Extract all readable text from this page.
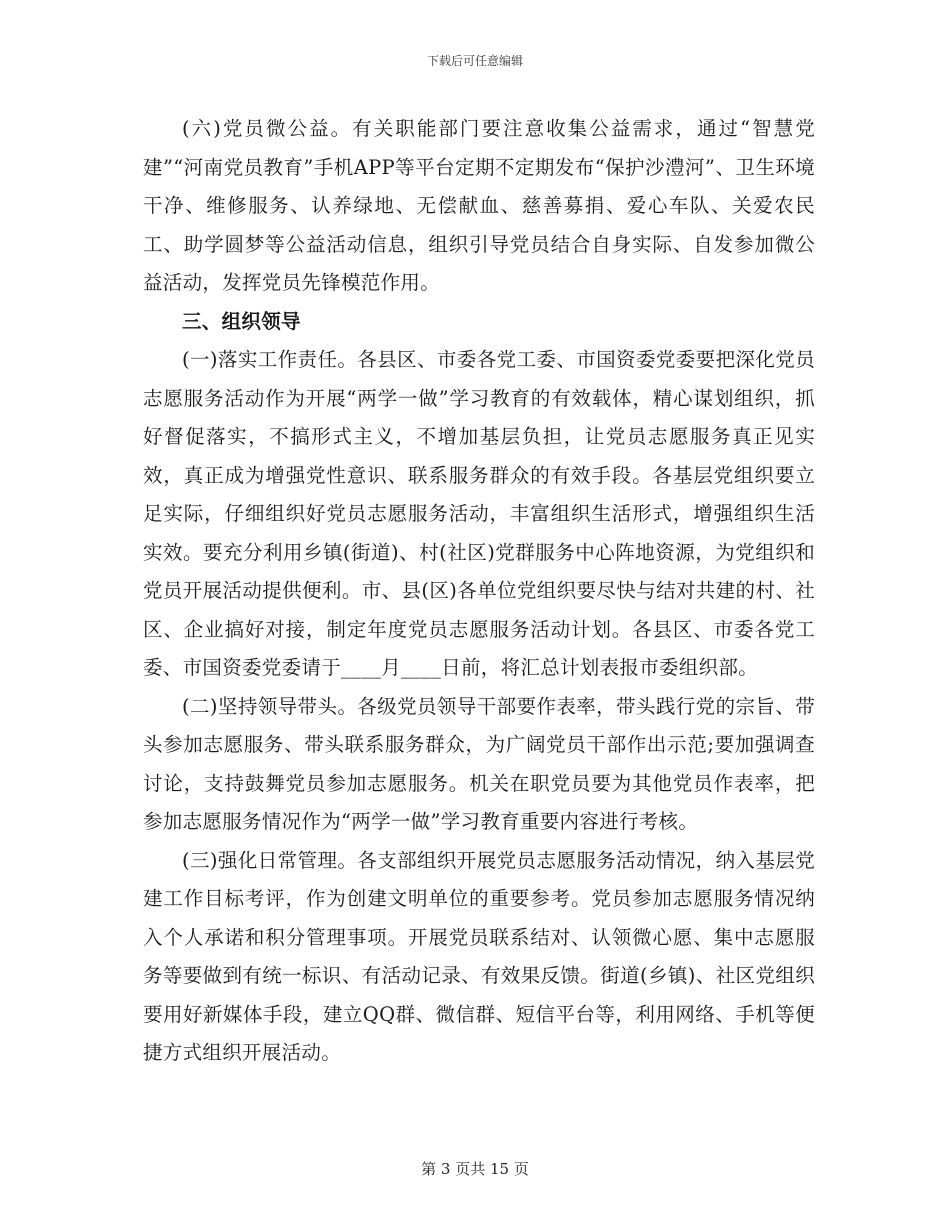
下载后可任意编辑

(六)党员微公益。有关职能部门要注意收集公益需求，通过“智慧党建”“河南党员教育”手机APP等平台定期不定期发布“保护沙澧河”、卫生环境干净、维修服务、认养绿地、无偿献血、慈善募捐、爱心车队、关爱农民工、助学圆梦等公益活动信息，组织引导党员结合自身实际、自发参加微公益活动，发挥党员先锋模范作用。

三、组织领导

(一)落实工作责任。各县区、市委各党工委、市国资委党委要把深化党员志愿服务活动作为开展“两学一做”学习教育的有效载体，精心谋划组织，抓好督促落实，不搞形式主义，不增加基层负担，让党员志愿服务真正见实效，真正成为增强党性意识、联系服务群众的有效手段。各基层党组织要立足实际，仔细组织好党员志愿服务活动，丰富组织生活形式，增强组织生活实效。要充分利用乡镇(街道)、村(社区)党群服务中心阵地资源，为党组织和党员开展活动提供便利。市、县(区)各单位党组织要尽快与结对共建的村、社区、企业搞好对接，制定年度党员志愿服务活动计划。各县区、市委各党工委、市国资委党委请于____月____日前，将汇总计划表报市委组织部。

(二)坚持领导带头。各级党员领导干部要作表率，带头践行党的宗旨、带头参加志愿服务、带头联系服务群众，为广阔党员干部作出示范;要加强调查讨论，支持鼓舞党员参加志愿服务。机关在职党员要为其他党员作表率，把参加志愿服务情况作为“两学一做”学习教育重要内容进行考核。

(三)强化日常管理。各支部组织开展党员志愿服务活动情况，纳入基层党建工作目标考评，作为创建文明单位的重要参考。党员参加志愿服务情况纳入个人承诺和积分管理事项。开展党员联系结对、认领微心愿、集中志愿服务等要做到有统一标识、有活动记录、有效果反馈。街道(乡镇)、社区党组织要用好新媒体手段，建立QQ群、微信群、短信平台等，利用网络、手机等便捷方式组织开展活动。

第 3 页共 15 页
